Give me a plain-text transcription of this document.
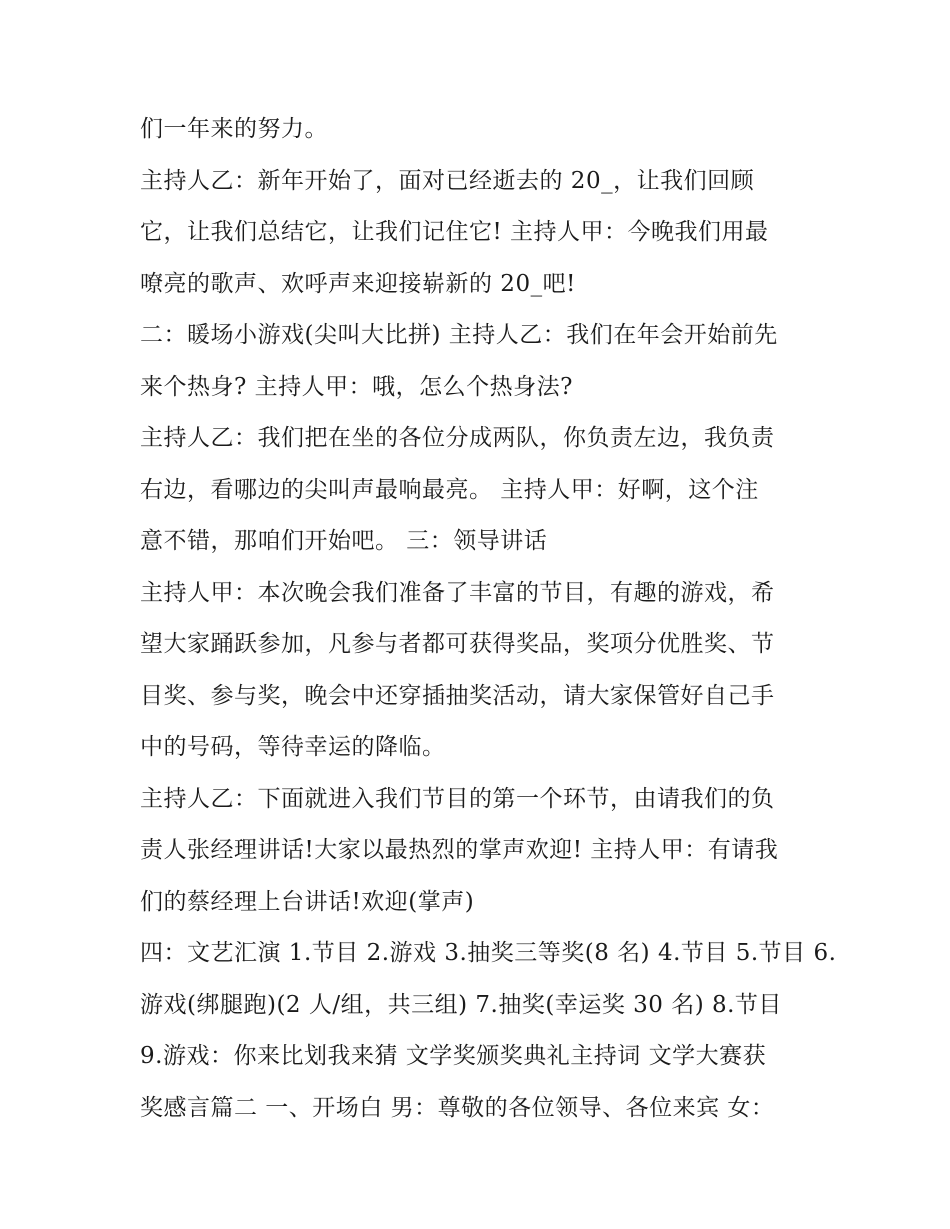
们一年来的努力。
主持人乙：新年开始了，面对已经逝去的 20_，让我们回顾
它，让我们总结它，让我们记住它! 主持人甲：今晚我们用最
嘹亮的歌声、欢呼声来迎接崭新的 20_吧!
二：暖场小游戏(尖叫大比拼) 主持人乙：我们在年会开始前先
来个热身? 主持人甲：哦，怎么个热身法?
主持人乙：我们把在坐的各位分成两队，你负责左边，我负责
右边，看哪边的尖叫声最响最亮。 主持人甲：好啊，这个注
意不错，那咱们开始吧。 三：领导讲话
主持人甲：本次晚会我们准备了丰富的节目，有趣的游戏，希
望大家踊跃参加，凡参与者都可获得奖品，奖项分优胜奖、节
目奖、参与奖，晚会中还穿插抽奖活动，请大家保管好自己手
中的号码，等待幸运的降临。
主持人乙：下面就进入我们节目的第一个环节，由请我们的负
责人张经理讲话!大家以最热烈的掌声欢迎! 主持人甲：有请我
们的蔡经理上台讲话!欢迎(掌声)
四：文艺汇演 1.节目 2.游戏 3.抽奖三等奖(8 名) 4.节目 5.节目 6.
游戏(绑腿跑)(2 人/组，共三组) 7.抽奖(幸运奖 30 名) 8.节目
9.游戏：你来比划我来猜 文学奖颁奖典礼主持词 文学大赛获
奖感言篇二 一、开场白 男：尊敬的各位领导、各位来宾 女：
